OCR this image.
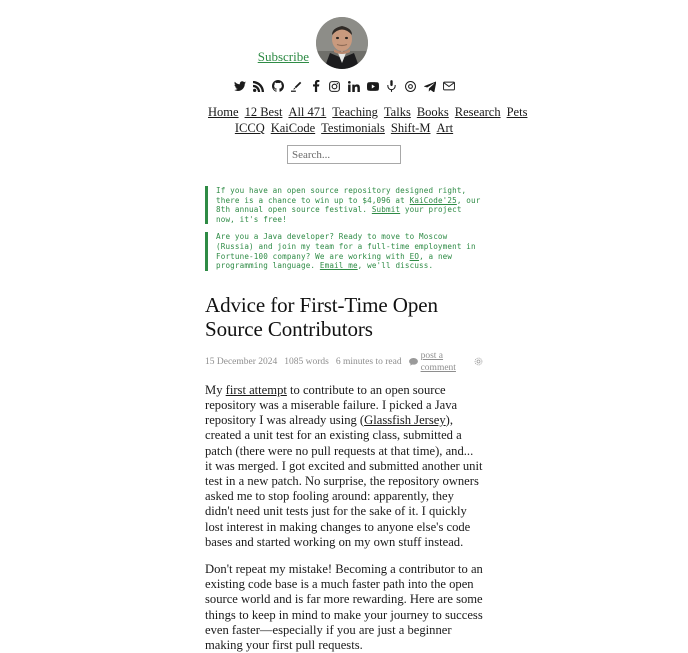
Subscribe
Home 12 Best All 471 Teaching Talks Books Research Pets
ICCQ KaiCode Testimonials Shift-M Art
Search...
If you have an open source repository designed right, there is a chance to win up to $4,096 at KaiCode'25, our 8th annual open source festival. Submit your project now, it's free!
Are you a Java developer? Ready to move to Moscow (Russia) and join my team for a full-time employment in Fortune-100 company? We are working with EO, a new programming language. Email me, we'll discuss.
Advice for First-Time Open Source Contributors
15 December 2024 1085 words 6 minutes to read
post a comment

My first attempt to contribute to an open source repository was a miserable failure. I picked a Java repository I was already using (Glassfish Jersey), created a unit test for an existing class, submitted a patch (there were no pull requests at that time), and... it was merged. I got excited and submitted another unit test in a new patch. No surprise, the repository owners asked me to stop fooling around: apparently, they didn't need unit tests just for the sake of it. I quickly lost interest in making changes to anyone else's code bases and started working on my own stuff instead.

Don't repeat my mistake! Becoming a contributor to an existing code base is a much faster path into the open source world and is far more rewarding. Here are some things to keep in mind to make your journey to success even faster—especially if you are just a beginner making your first pull requests.
